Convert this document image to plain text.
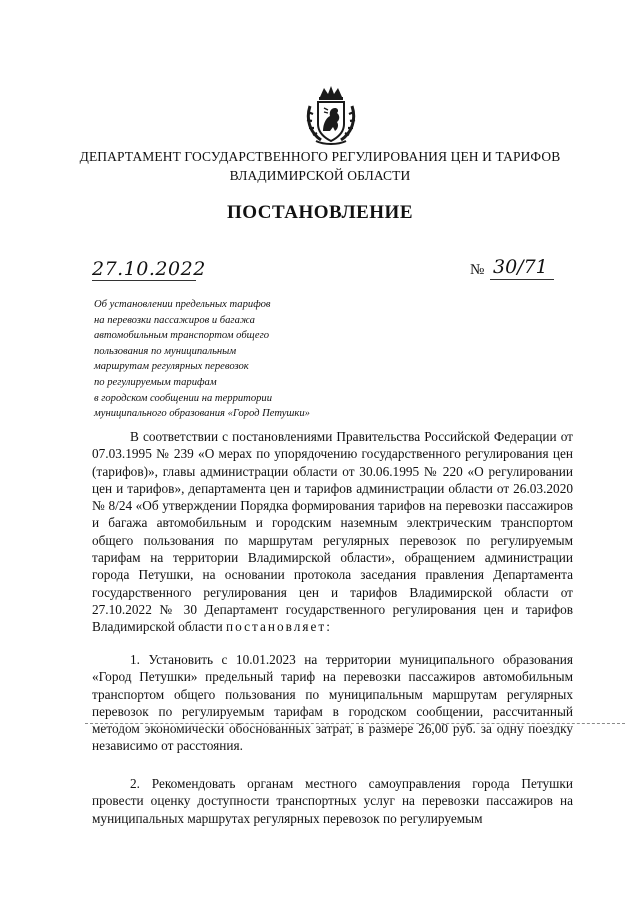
ДЕПАРТАМЕНТ ГОСУДАРСТВЕННОГО РЕГУЛИРОВАНИЯ ЦЕН И ТАРИФОВ
ВЛАДИМИРСКОЙ ОБЛАСТИ
ПОСТАНОВЛЕНИЕ
27.10.2022	№ 30/71
Об установлении предельных тарифов
на перевозки пассажиров и багажа
автомобильным транспортом общего
пользования по муниципальным
маршрутам регулярных перевозок
по регулируемым тарифам
в городском сообщении на территории
муниципального образования «Город Петушки»
В соответствии с постановлениями Правительства Российской Федерации от 07.03.1995 № 239 «О мерах по упорядочению государственного регулирования цен (тарифов)», главы администрации области от 30.06.1995 № 220 «О регулировании цен и тарифов», департамента цен и тарифов администрации области от 26.03.2020 № 8/24 «Об утверждении Порядка формирования тарифов на перевозки пассажиров и багажа автомобильным и городским наземным электрическим транспортом общего пользования по маршрутам регулярных перевозок по регулируемым тарифам на территории Владимирской области», обращением администрации города Петушки, на основании протокола заседания правления Департамента государственного регулирования цен и тарифов Владимирской области от 27.10.2022 № 30 Департамент государственного регулирования цен и тарифов Владимирской области постановляет:
1. Установить с 10.01.2023 на территории муниципального образования «Город Петушки» предельный тариф на перевозки пассажиров автомобильным транспортом общего пользования по муниципальным маршрутам регулярных перевозок по регулируемым тарифам в городском сообщении, рассчитанный методом экономически обоснованных затрат, в размере 26,00 руб. за одну поездку независимо от расстояния.
2. Рекомендовать органам местного самоуправления города Петушки провести оценку доступности транспортных услуг на перевозки пассажиров на муниципальных маршрутах регулярных перевозок по регулируемым
